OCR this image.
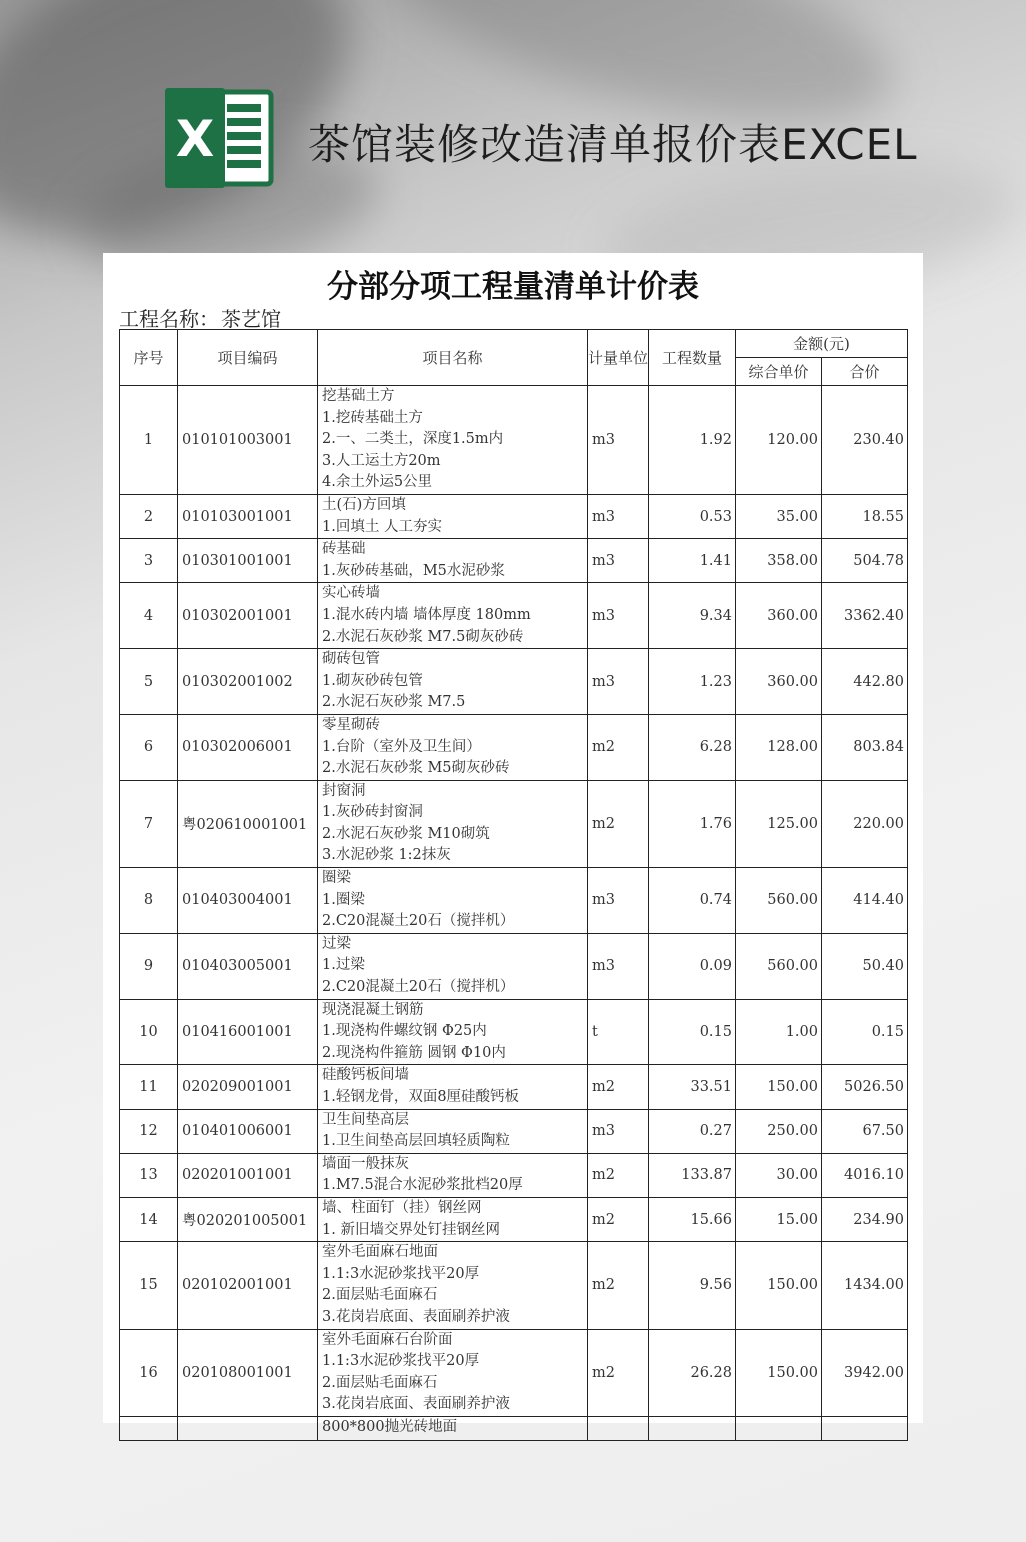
X 茶馆装修改造清单报价表EXCEL
分部分项工程量清单计价表
工程名称： 茶艺馆
序号	项目编码	项目名称	计量单位	工程数量	金额(元)	
					综合单价	合价
1	010101003001	挖基础土方
1.挖砖基础土方
2.一、二类土，深度1.5m内
3.人工运土方20m
4.余土外运5公里	m3	1.92	120.00	230.40
2	010103001001	土(石)方回填
1.回填土 人工夯实	m3	0.53	35.00	18.55
3	010301001001	砖基础
1.灰砂砖基础，M5水泥砂浆	m3	1.41	358.00	504.78
4	010302001001	实心砖墙
1.混水砖内墙 墙体厚度 180mm
2.水泥石灰砂浆 M7.5砌灰砂砖	m3	9.34	360.00	3362.40
5	010302001002	砌砖包管
1.砌灰砂砖包管
2.水泥石灰砂浆 M7.5	m3	1.23	360.00	442.80
6	010302006001	零星砌砖
1.台阶（室外及卫生间）
2.水泥石灰砂浆 M5砌灰砂砖	m2	6.28	128.00	803.84
7	粤020610001001	封窗洞
1.灰砂砖封窗洞
2.水泥石灰砂浆 M10砌筑
3.水泥砂浆 1:2抹灰	m2	1.76	125.00	220.00
8	010403004001	圈梁
1.圈梁
2.C20混凝土20石（搅拌机）	m3	0.74	560.00	414.40
9	010403005001	过梁
1.过梁
2.C20混凝土20石（搅拌机）	m3	0.09	560.00	50.40
10	010416001001	现浇混凝土钢筋
1.现浇构件螺纹钢 Φ25内
2.现浇构件箍筋 圆钢 Φ10内	t	0.15	1.00	0.15
11	020209001001	硅酸钙板间墙
1.轻钢龙骨，双面8厘硅酸钙板	m2	33.51	150.00	5026.50
12	010401006001	卫生间垫高层
1.卫生间垫高层回填轻质陶粒	m3	0.27	250.00	67.50
13	020201001001	墙面一般抹灰
1.M7.5混合水泥砂浆批档20厚	m2	133.87	30.00	4016.10
14	粤020201005001	墙、柱面钉（挂）钢丝网
1. 新旧墙交界处钉挂钢丝网	m2	15.66	15.00	234.90
15	020102001001	室外毛面麻石地面
1.1:3水泥砂浆找平20厚
2.面层贴毛面麻石
3.花岗岩底面、表面刷养护液	m2	9.56	150.00	1434.00
16	020108001001	室外毛面麻石台阶面
1.1:3水泥砂浆找平20厚
2.面层贴毛面麻石
3.花岗岩底面、表面刷养护液	m2	26.28	150.00	3942.00

		800*800抛光砖地面				
